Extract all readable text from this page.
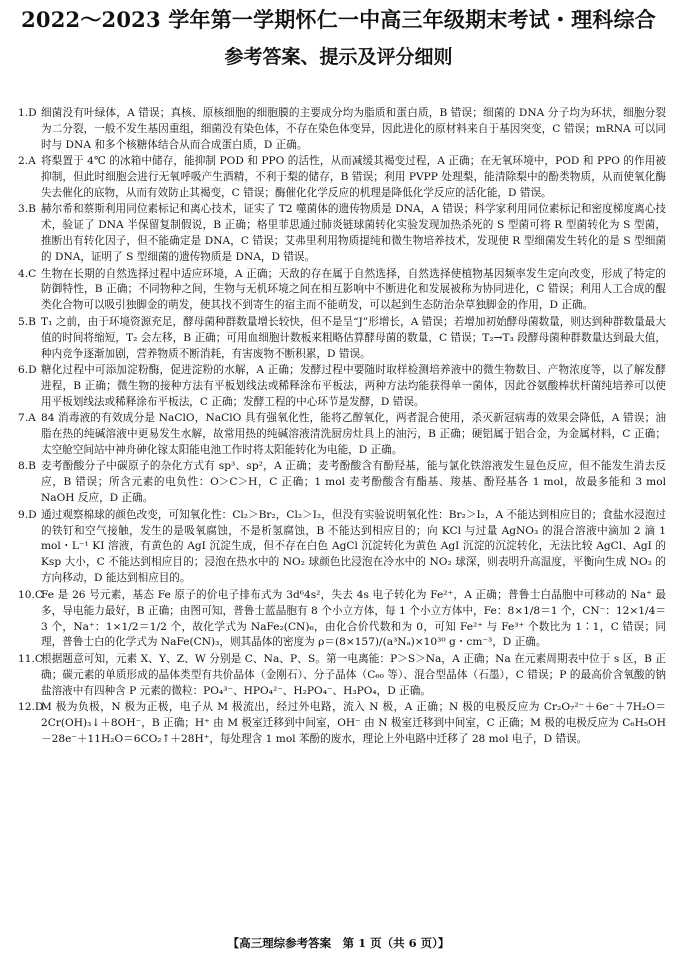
2022～2023 学年第一学期怀仁一中高三年级期末考试・理科综合
参考答案、提示及评分细则
1.D 细菌没有叶绿体，A 错误；真核、原核细胞的细胞膜的主要成分均为脂质和蛋白质，B 错误；细菌的 DNA 分子均为环状，细胞分裂为二分裂，一般不发生基因重组，细菌没有染色体，不存在染色体变异，因此进化的原材料来自于基因突变，C 错误；mRNA 可以同时与 DNA 和多个核糖体结合从而合成蛋白质，D 正确。
2.A 将梨置于 4℃ 的冰箱中储存，能抑制 POD 和 PPO 的活性，从而减缓其褐变过程，A 正确；在无氧环境中，POD 和 PPO 的作用被抑制，但此时细胞会进行无氧呼吸产生酒精，不利于梨的储存，B 错误；利用 PVPP 处理梨，能清除梨中的酚类物质，从而使氧化酶失去催化的底物，从而有效防止其褐变，C 错误；酶催化化学反应的机理是降低化学反应的活化能，D 错误。
3.B 赫尔希和蔡斯利用同位素标记和离心技术，证实了 T2 噬菌体的遗传物质是 DNA，A 错误；科学家利用同位素标记和密度梯度离心技术，验证了 DNA 半保留复制假说，B 正确；格里菲思通过肺炎链球菌转化实验发现加热杀死的 S 型菌可将 R 型菌转化为 S 型菌，推断出有转化因子，但不能确定是 DNA，C 错误；艾弗里利用物质提纯和微生物培养技术，发现使 R 型细菌发生转化的是 S 型细菌的 DNA，证明了 S 型细菌的遗传物质是 DNA，D 错误。
4.C 生物在长期的自然选择过程中适应环境，A 正确；天敌的存在属于自然选择，自然选择使植物基因频率发生定向改变，形成了特定的防御特性，B 正确；不同物种之间，生物与无机环境之间在相互影响中不断进化和发展被称为协同进化，C 错误；利用人工合成的醌类化合物可以吸引独脚金的萌发，使其找不到寄生的宿主而不能萌发，可以起到生态防治杂草独脚金的作用，D 正确。
5.B T₁ 之前，由于环境资源充足，酵母菌种群数量增长较快，但不是呈“J”形增长，A 错误；若增加初始酵母菌数量，则达到种群数量最大值的时间将缩短，T₂ 会左移，B 正确；可用血细胞计数板来粗略估算酵母菌的数量，C 错误；T₂→T₃ 段酵母菌种群数量达到最大值，种内竞争逐渐加剧，营养物质不断消耗，有害废物不断积累，D 错误。
6.D 糖化过程中可添加淀粉酶，促进淀粉的水解，A 正确；发酵过程中要随时取样检测培养液中的微生物数目、产物浓度等，以了解发酵进程，B 正确；微生物的接种方法有平板划线法或稀释涂布平板法，两种方法均能获得单一菌体，因此谷氨酸棒状杆菌纯培养可以使用平板划线法或稀释涂布平板法，C 正确；发酵工程的中心环节是发酵，D 错误。
7.A 84 消毒液的有效成分是 NaClO，NaClO 具有强氧化性，能将乙醇氧化，两者混合使用，杀灭新冠病毒的效果会降低，A 错误；油脂在热的纯碱溶液中更易发生水解，故常用热的纯碱溶液清洗厨房灶具上的油污，B 正确；硬铝属于铝合金，为金属材料，C 正确；太空舱空间站中神舟砷化镓太阳能电池工作时将太阳能转化为电能，D 正确。
8.B 麦考酚酸分子中碳原子的杂化方式有 sp³、sp²，A 正确；麦考酚酸含有酚羟基，能与氯化铁溶液发生显色反应，但不能发生消去反应，B 错误；所含元素的电负性：O＞C＞H，C 正确；1 mol 麦考酚酸含有酯基、羧基、酚羟基各 1 mol，故最多能和 3 mol NaOH 反应，D 正确。
9.D 通过观察棉球的颜色改变，可知氧化性：Cl₂＞Br₂，Cl₂＞I₂，但没有实验说明氧化性：Br₂＞I₂，A 不能达到相应目的；食盐水浸泡过的铁钉和空气接触，发生的是吸氧腐蚀，不是析氢腐蚀，B 不能达到相应目的；向 KCl 与过量 AgNO₃ 的混合溶液中滴加 2 滴 1 mol・L⁻¹ KI 溶液，有黄色的 AgI 沉淀生成，但不存在白色 AgCl 沉淀转化为黄色 AgI 沉淀的沉淀转化，无法比较 AgCl、AgI 的 Ksp 大小，C 不能达到相应目的；浸泡在热水中的 NO₂ 球颜色比浸泡在冷水中的 NO₂ 球深，则表明升高温度，平衡向生成 NO₂ 的方向移动，D 能达到相应目的。
10.C
Fe 是 26 号元素，基态 Fe 原子的价电子排布式为 3d⁶4s²，失去 4s 电子转化为 Fe²⁺，A 正确；普鲁士白晶胞中可移动的 Na⁺ 最多，导电能力最好，B 正确；由图可知，普鲁士蓝晶胞有 8 个小立方体，每 1 个小立方体中，Fe：8×1/8＝1 个，CN⁻：12×1/4＝3 个，Na⁺：1×1/2＝1/2 个，故化学式为 NaFe₂(CN)₆，由化合价代数和为 0，可知 Fe²⁺ 与 Fe³⁺ 个数比为 1∶1，C 错误；同理，普鲁士白的化学式为 NaFe(CN)₃，则其晶体的密度为 ρ＝(8×157)/(a³Nₐ)×10³⁰ g・cm⁻³，D 正确。
11.C
根据题意可知，元素 X、Y、Z、W 分别是 C、Na、P、S。第一电离能：P＞S＞Na，A 正确；Na 在元素周期表中位于 s 区，B 正确；碳元素的单质形成的晶体类型有共价晶体（金刚石）、分子晶体（C₆₀ 等）、混合型晶体（石墨），C 错误；P 的最高价含氧酸的钠盐溶液中有四种含 P 元素的微粒：PO₄³⁻、HPO₄²⁻、H₂PO₄⁻、H₃PO₄，D 正确。
12.D
M 极为负极，N 极为正极，电子从 M 极流出，经过外电路，流入 N 极，A 正确；N 极的电极反应为 Cr₂O₇²⁻＋6e⁻＋7H₂O＝2Cr(OH)₃↓＋8OH⁻，B 正确；H⁺ 由 M 极室迁移到中间室，OH⁻ 由 N 极室迁移到中间室，C 正确；M 极的电极反应为 C₆H₅OH－28e⁻＋11H₂O＝6CO₂↑＋28H⁺，每处理含 1 mol 苯酚的废水，理论上外电路中迁移了 28 mol 电子，D 错误。
【高三理综参考答案　第 1 页（共 6 页）】
